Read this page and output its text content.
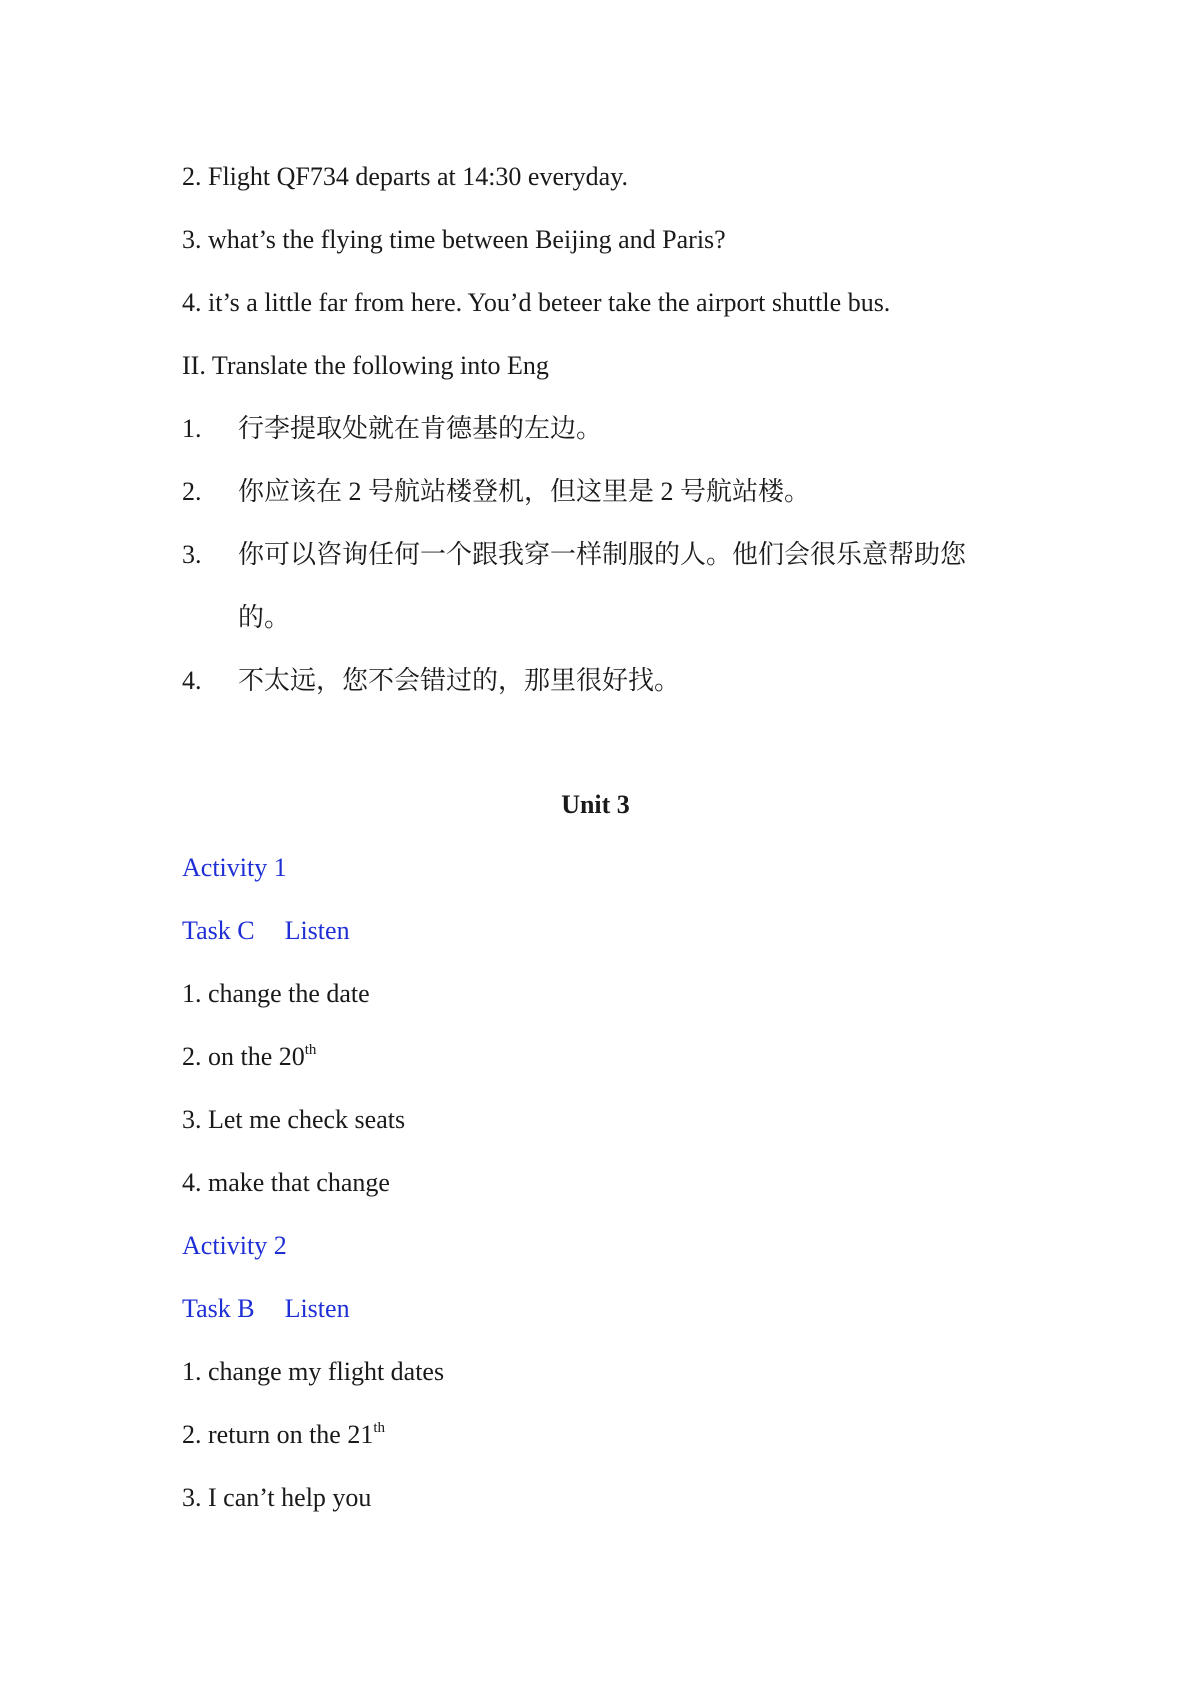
2. Flight QF734 departs at 14:30 everyday.
3. what’s the flying time between Beijing and Paris?
4. it’s a little far from here. You’d beteer take the airport shuttle bus.
II. Translate the following into Eng
1. 行李提取处就在肯德基的左边。
2. 你应该在 2 号航站楼登机，但这里是 2 号航站楼。
3. 你可以咨询任何一个跟我穿一样制服的人。他们会很乐意帮助您
的。
4. 不太远，您不会错过的，那里很好找。
Unit 3
Activity 1
Task C Listen
1. change the date
2. on the 20th
3. Let me check seats
4. make that change
Activity 2
Task B Listen
1. change my flight dates
2. return on the 21th
3. I can’t help you
